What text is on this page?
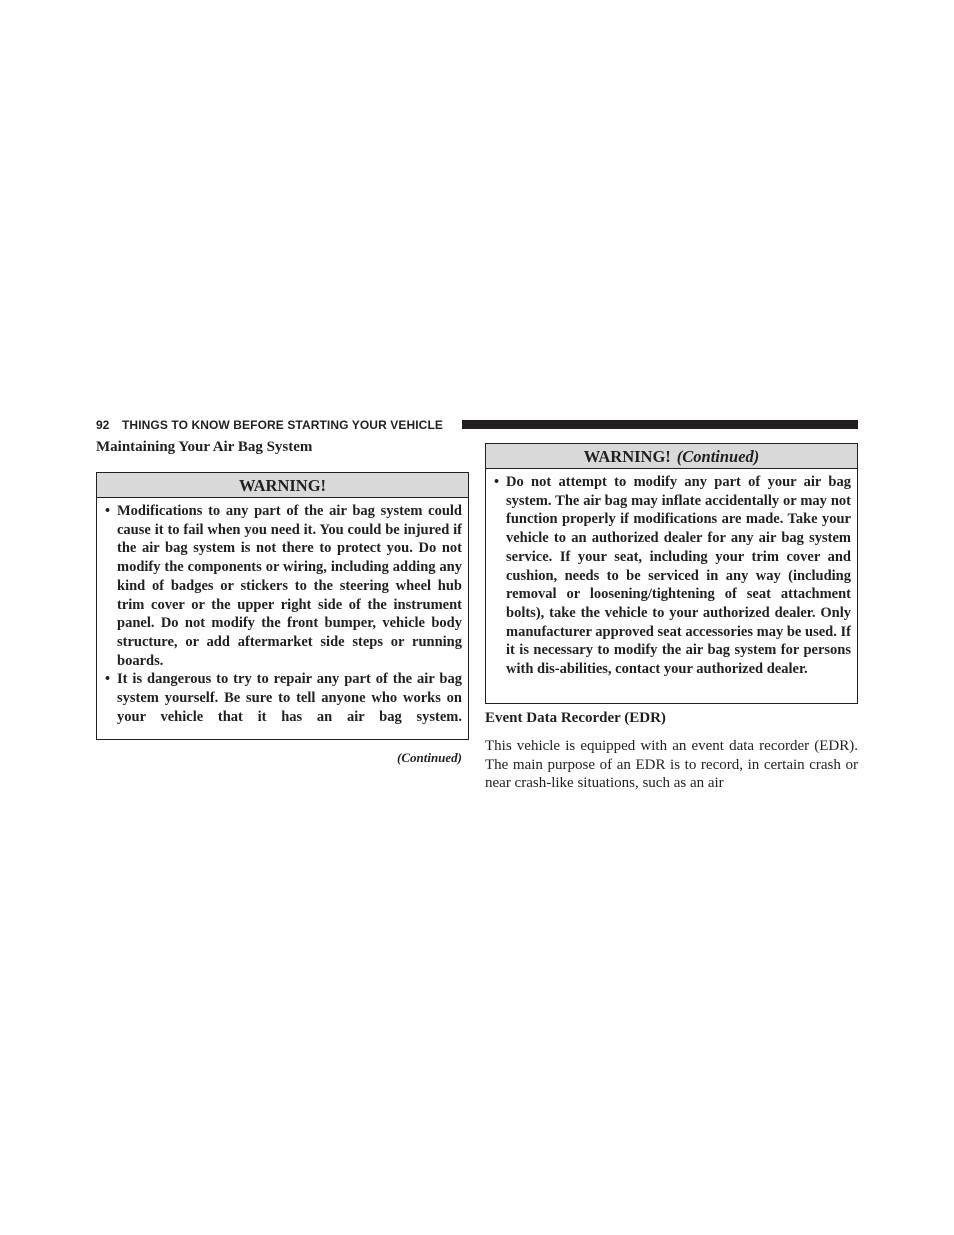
92 THINGS TO KNOW BEFORE STARTING YOUR VEHICLE
Maintaining Your Air Bag System
WARNING!
• Modifications to any part of the air bag system could cause it to fail when you need it. You could be injured if the air bag system is not there to protect you. Do not modify the components or wiring, including adding any kind of badges or stickers to the steering wheel hub trim cover or the upper right side of the instrument panel. Do not modify the front bumper, vehicle body structure, or add aftermarket side steps or running boards.
• It is dangerous to try to repair any part of the air bag system yourself. Be sure to tell anyone who works on your vehicle that it has an air bag system.
(Continued)
WARNING! (Continued)
• Do not attempt to modify any part of your air bag system. The air bag may inflate accidentally or may not function properly if modifications are made. Take your vehicle to an authorized dealer for any air bag system service. If your seat, including your trim cover and cushion, needs to be serviced in any way (including removal or loosening/tightening of seat attachment bolts), take the vehicle to your authorized dealer. Only manufacturer approved seat accessories may be used. If it is necessary to modify the air bag system for persons with dis-abilities, contact your authorized dealer.
Event Data Recorder (EDR)
This vehicle is equipped with an event data recorder (EDR). The main purpose of an EDR is to record, in certain crash or near crash-like situations, such as an air
